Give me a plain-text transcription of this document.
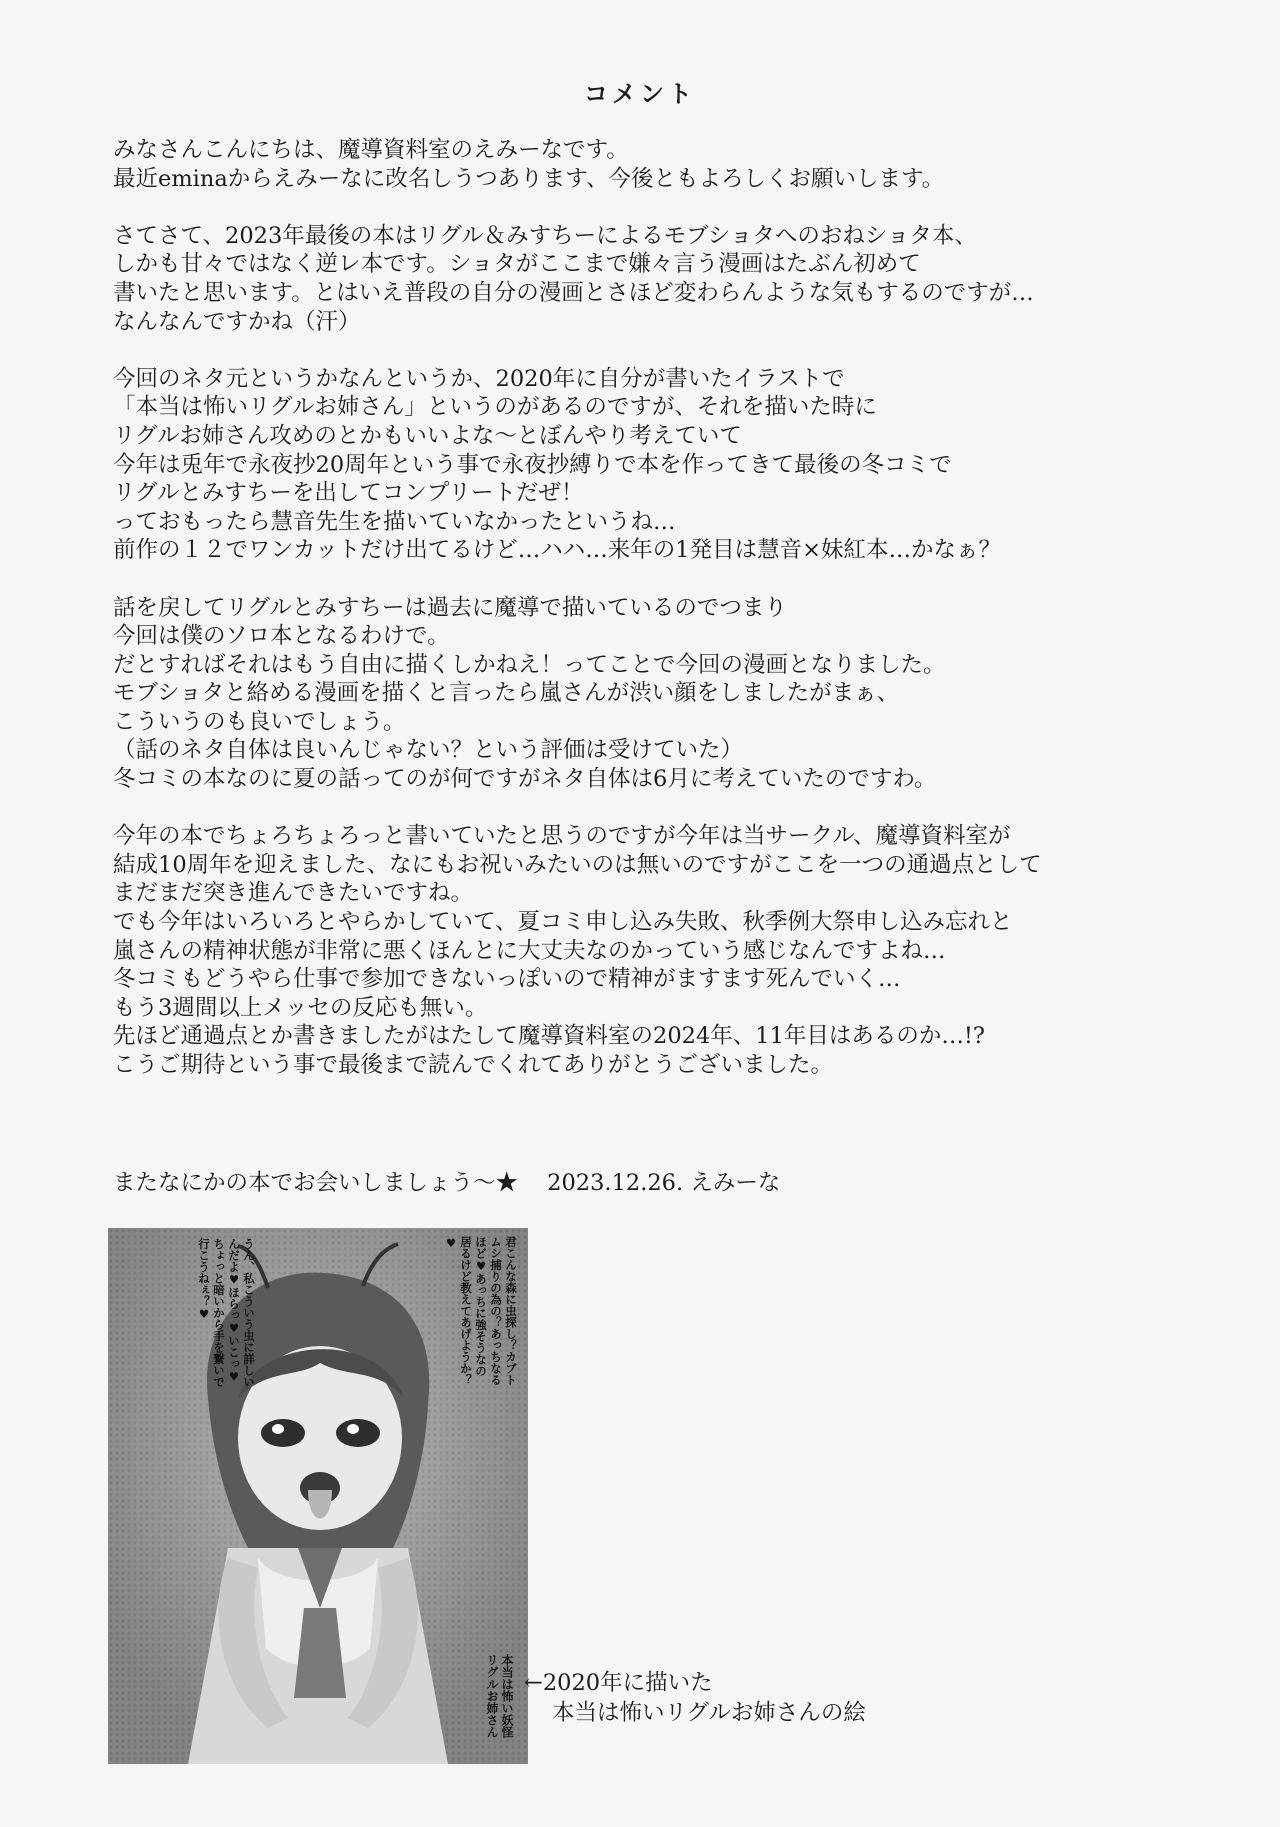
コメント
みなさんこんにちは、魔導資料室のえみーなです。
最近eminaからえみーなに改名しうつあります、今後ともよろしくお願いします。
さてさて、2023年最後の本はリグル＆みすちーによるモブショタへのおねショタ本、
しかも甘々ではなく逆レ本です。ショタがここまで嫌々言う漫画はたぶん初めて
書いたと思います。とはいえ普段の自分の漫画とさほど変わらんような気もするのですが…
なんなんですかね（汗）
今回のネタ元というかなんというか、2020年に自分が書いたイラストで
「本当は怖いリグルお姉さん」というのがあるのですが、それを描いた時に
リグルお姉さん攻めのとかもいいよな～とぼんやり考えていて
今年は兎年で永夜抄20周年という事で永夜抄縛りで本を作ってきて最後の冬コミで
リグルとみすちーを出してコンプリートだぜ！
っておもったら慧音先生を描いていなかったというね…
前作の１２でワンカットだけ出てるけど…ハハ…来年の1発目は慧音×妹紅本…かなぁ？
話を戻してリグルとみすちーは過去に魔導で描いているのでつまり
今回は僕のソロ本となるわけで。
だとすればそれはもう自由に描くしかねえ！ってことで今回の漫画となりました。
モブショタと絡める漫画を描くと言ったら嵐さんが渋い顔をしましたがまぁ、
こういうのも良いでしょう。
（話のネタ自体は良いんじゃない？という評価は受けていた）
冬コミの本なのに夏の話ってのが何ですがネタ自体は6月に考えていたのですわ。
今年の本でちょろちょろっと書いていたと思うのですが今年は当サークル、魔導資料室が
結成10周年を迎えました、なにもお祝いみたいのは無いのですがここを一つの通過点として
まだまだ突き進んできたいですね。
でも今年はいろいろとやらかしていて、夏コミ申し込み失敗、秋季例大祭申し込み忘れと
嵐さんの精神状態が非常に悪くほんとに大丈夫なのかっていう感じなんですよね…
冬コミもどうやら仕事で参加できないっぽいので精神がますます死んでいく…
もう3週間以上メッセの反応も無い。
先ほど通過点とか書きましたがはたして魔導資料室の2024年、11年目はあるのか…!?
こうご期待という事で最後まで読んでくれてありがとうございました。
またなにかの本でお会いしましょう～★ 2023.12.26. えみーな
うん、私こういう虫に詳しいんだよ♥ほらっ♥いこっ♥ちょっと暗いから手を繋いで行こうねぇ？♥	君こんな森に虫探し？カブトムシ捕りの為の？あっちなるほど♥あっちに強そうなの居るけど教えてあげようか？♥
本当は怖い妖怪リグルお姉さん	←2020年に描いた
本当は怖いリグルお姉さんの絵
